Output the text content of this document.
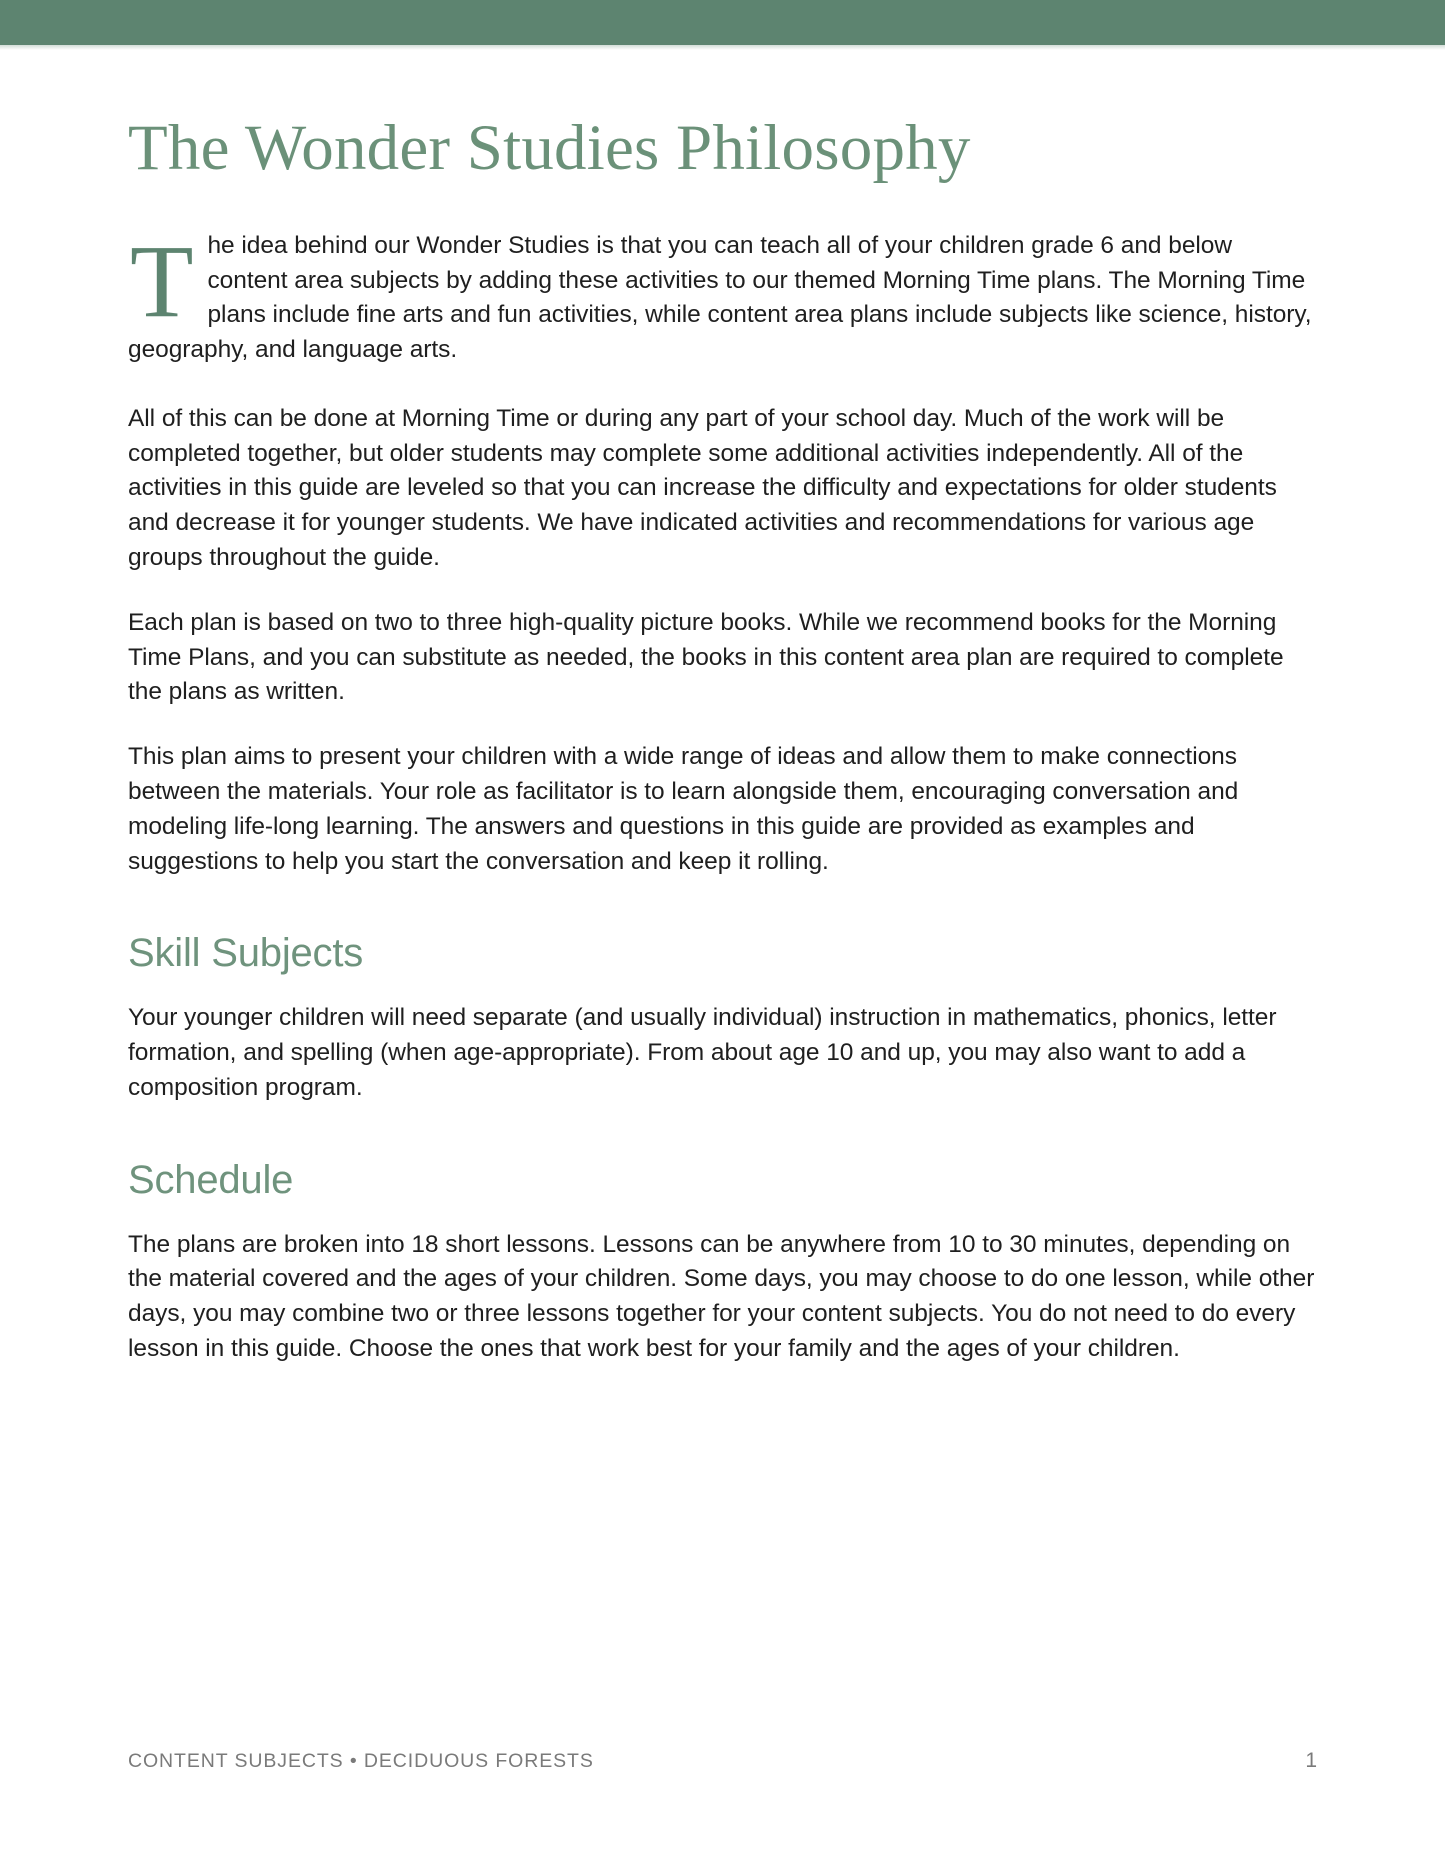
The Wonder Studies Philosophy

The idea behind our Wonder Studies is that you can teach all of your children grade 6 and below content area subjects by adding these activities to our themed Morning Time plans. The Morning Time plans include fine arts and fun activities, while content area plans include subjects like science, history, geography, and language arts.

All of this can be done at Morning Time or during any part of your school day. Much of the work will be completed together, but older students may complete some additional activities independently. All of the activities in this guide are leveled so that you can increase the difficulty and expectations for older students and decrease it for younger students. We have indicated activities and recommendations for various age groups throughout the guide.

Each plan is based on two to three high-quality picture books. While we recommend books for the Morning Time Plans, and you can substitute as needed, the books in this content area plan are required to complete the plans as written.

This plan aims to present your children with a wide range of ideas and allow them to make connections between the materials. Your role as facilitator is to learn alongside them, encouraging conversation and modeling life-long learning. The answers and questions in this guide are provided as examples and suggestions to help you start the conversation and keep it rolling.

Skill Subjects

Your younger children will need separate (and usually individual) instruction in mathematics, phonics, letter formation, and spelling (when age-appropriate). From about age 10 and up, you may also want to add a composition program.

Schedule

The plans are broken into 18 short lessons. Lessons can be anywhere from 10 to 30 minutes, depending on the material covered and the ages of your children. Some days, you may choose to do one lesson, while other days, you may combine two or three lessons together for your content subjects. You do not need to do every lesson in this guide. Choose the ones that work best for your family and the ages of your children.

CONTENT SUBJECTS • DECIDUOUS FORESTS	1
